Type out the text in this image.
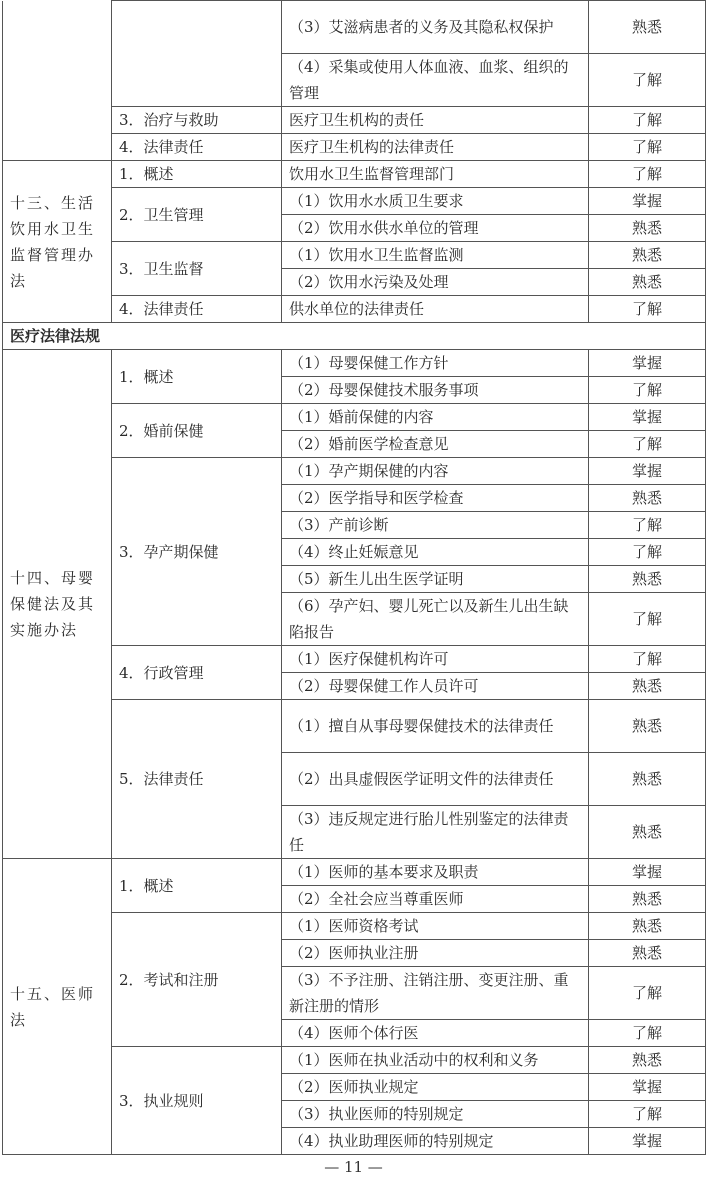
		（3）艾滋病患者的义务及其隐私权保护	熟悉
		（4）采集或使用人体血液、血浆、组织的管理	了解
	3．治疗与救助	医疗卫生机构的责任	了解
	4．法律责任	医疗卫生机构的法律责任	了解
十三、生活饮用水卫生监督管理办法	1．概述	饮用水卫生监督管理部门	了解
	2．卫生管理	（1）饮用水水质卫生要求	掌握
		（2）饮用水供水单位的管理	熟悉
	3．卫生监督	（1）饮用水卫生监督监测	熟悉
		（2）饮用水污染及处理	熟悉
	4．法律责任	供水单位的法律责任	了解
医疗法律法规			
十四、母婴保健法及其实施办法	1．概述	（1）母婴保健工作方针	掌握
		（2）母婴保健技术服务事项	了解
	2．婚前保健	（1）婚前保健的内容	掌握
		（2）婚前医学检查意见	了解
	3．孕产期保健	（1）孕产期保健的内容	掌握
		（2）医学指导和医学检查	熟悉
		（3）产前诊断	了解
		（4）终止妊娠意见	了解
		（5）新生儿出生医学证明	熟悉
		（6）孕产妇、婴儿死亡以及新生儿出生缺陷报告	了解
	4．行政管理	（1）医疗保健机构许可	了解
		（2）母婴保健工作人员许可	熟悉
	5．法律责任	（1）擅自从事母婴保健技术的法律责任	熟悉
		（2）出具虚假医学证明文件的法律责任	熟悉
		（3）违反规定进行胎儿性别鉴定的法律责任	熟悉
十五、医师法	1．概述	（1）医师的基本要求及职责	掌握
		（2）全社会应当尊重医师	熟悉
	2．考试和注册	（1）医师资格考试	熟悉
		（2）医师执业注册	熟悉
		（3）不予注册、注销注册、变更注册、重新注册的情形	了解
		（4）医师个体行医	了解
	3．执业规则	（1）医师在执业活动中的权利和义务	熟悉
		（2）医师执业规定	掌握
		（3）执业医师的特别规定	了解
		（4）执业助理医师的特别规定	掌握
— 11 —
